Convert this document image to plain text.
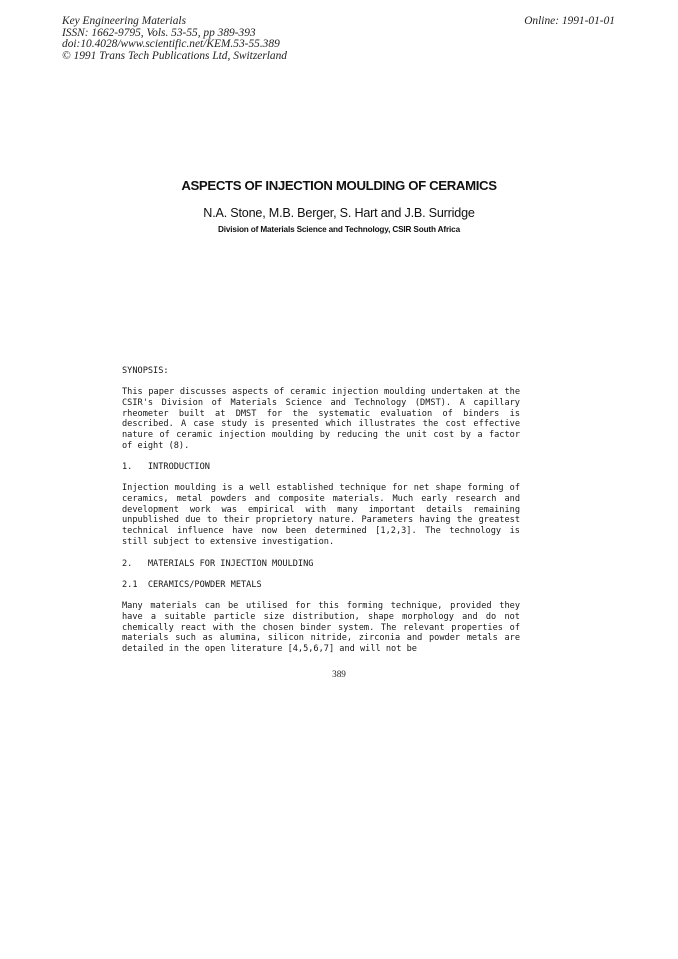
Key Engineering Materials
ISSN: 1662-9795, Vols. 53-55, pp 389-393
doi:10.4028/www.scientific.net/KEM.53-55.389
© 1991 Trans Tech Publications Ltd, Switzerland
Online: 1991-01-01
ASPECTS OF INJECTION MOULDING OF CERAMICS
N.A. Stone, M.B. Berger, S. Hart and J.B. Surridge
Division of Materials Science and Technology, CSIR South Africa

SYNOPSIS:

This paper discusses aspects of ceramic injection moulding undertaken at the CSIR's Division of Materials Science and Technology (DMST). A capillary rheometer built at DMST for the systematic evaluation of binders is described. A case study is presented which illustrates the cost effective nature of ceramic injection moulding by reducing the unit cost by a factor of eight (8).

1.   INTRODUCTION

Injection moulding is a well established technique for net shape forming of ceramics, metal powders and composite materials. Much early research and development work was empirical with many important details remaining unpublished due to their proprietory nature. Parameters having the greatest technical influence have now been determined [1,2,3]. The technology is still subject to extensive investigation.

2.   MATERIALS FOR INJECTION MOULDING

2.1  CERAMICS/POWDER METALS

Many materials can be utilised for this forming technique, provided they have a suitable particle size distribution, shape morphology and do not chemically react with the chosen binder system. The relevant properties of materials such as alumina, silicon nitride, zirconia and powder metals are detailed in the open literature [4,5,6,7] and will not be

389
